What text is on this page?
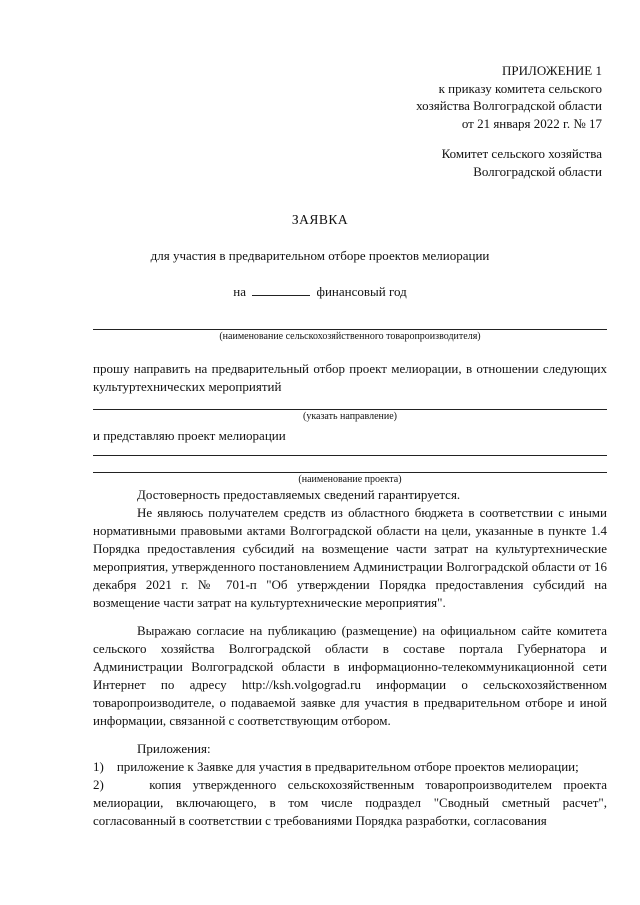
ПРИЛОЖЕНИЕ 1
к приказу комитета сельского
хозяйства Волгоградской области
от 21 января 2022 г. № 17
Комитет сельского хозяйства
Волгоградской области
ЗАЯВКА
для участия в предварительном отборе проектов мелиорации
на	финансовый год
(наименование сельскохозяйственного товаропроизводителя)
прошу направить на предварительный отбор проект мелиорации, в отношении следующих культуртехнических мероприятий
(указать направление)
и представляю проект мелиорации
(наименование проекта)
Достоверность предоставляемых сведений гарантируется.
Не являюсь получателем средств из областного бюджета в соответствии с иными нормативными правовыми актами Волгоградской области на цели, указанные в пункте 1.4 Порядка предоставления субсидий на возмещение части затрат на культуртехнические мероприятия, утвержденного постановлением Администрации Волгоградской области от 16 декабря 2021 г. № 701-п "Об утверждении Порядка предоставления субсидий на возмещение части затрат на культуртехнические мероприятия".
Выражаю согласие на публикацию (размещение) на официальном сайте комитета сельского хозяйства Волгоградской области в составе портала Губернатора и Администрации Волгоградской области в информационно-телекоммуникационной сети Интернет по адресу http://ksh.volgograd.ru информации о сельскохозяйственном товаропроизводителе, о подаваемой заявке для участия в предварительном отборе и иной информации, связанной с соответствующим отбором.
Приложения:
1)    приложение к Заявке для участия в предварительном отборе проектов мелиорации;
2)    копия утвержденного сельскохозяйственным товаропроизводителем проекта мелиорации, включающего, в том числе подраздел "Сводный сметный расчет", согласованный в соответствии с требованиями Порядка разработки, согласования
